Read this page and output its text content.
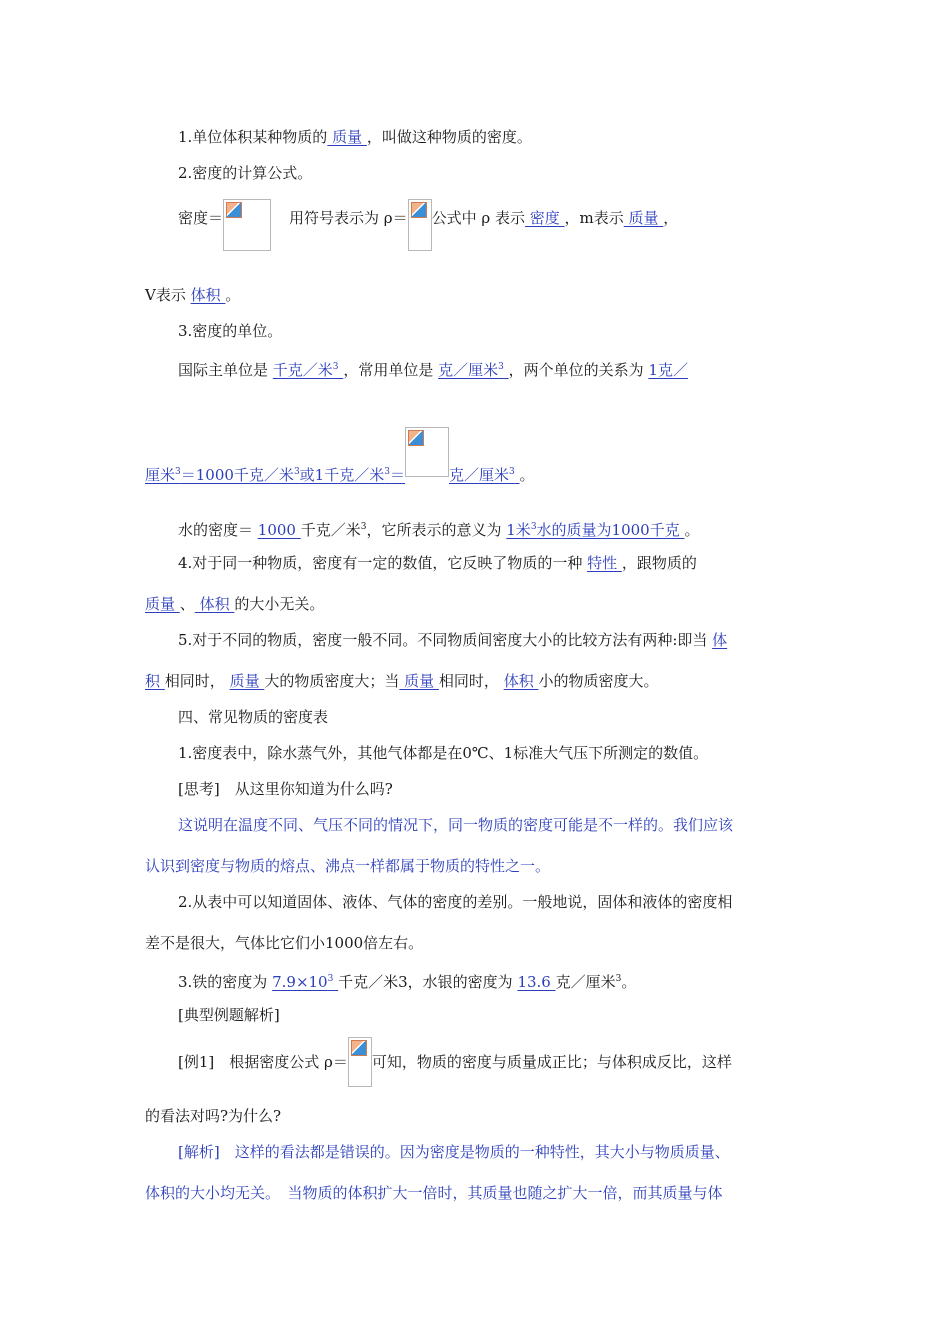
1.单位体积某种物质的 质量 ，叫做这种物质的密度。
2.密度的计算公式。
密度＝	用符号表示为 ρ＝ 公式中 ρ 表示 密度 ，m表示 质量 ，
V表示 体积 。
3.密度的单位。
国际主单位是 千克／米$^3$ ，常用单位是 克／厘米$^3$ ，两个单位的关系为 1克／
厘米$^3$＝1000千克／米$^3$或1千克／米$^3$＝	克／厘米$^3$ 。
水的密度＝ 1000 千克／米$^3$，它所表示的意义为 1米$^3$水的质量为1000千克 。
4.对于同一种物质，密度有一定的数值，它反映了物质的一种 特性 ，跟物质的
质量 、 体积 的大小无关。
5.对于不同的物质，密度一般不同。不同物质间密度大小的比较方法有两种:即当 体
积 相同时， 质量 大的物质密度大；当 质量 相同时， 体积 小的物质密度大。
四、常见物质的密度表
1.密度表中，除水蒸气外，其他气体都是在0℃、1标准大气压下所测定的数值。
[思考]　从这里你知道为什么吗?
这说明在温度不同、气压不同的情况下，同一物质的密度可能是不一样的。我们应该
认识到密度与物质的熔点、沸点一样都属于物质的特性之一。
2.从表中可以知道固体、液体、气体的密度的差别。一般地说，固体和液体的密度相
差不是很大，气体比它们小1000倍左右。
3.铁的密度为 $7.9\times 10^3$ 千克／米3，水银的密度为 13.6 克／厘米$^3$。
[典型例题解析]
[例1]　根据密度公式 ρ＝ 可知，物质的密度与质量成正比；与体积成反比，这样
的看法对吗?为什么?
[解析]　这样的看法都是错误的。因为密度是物质的一种特性，其大小与物质质量、
体积的大小均无关。　当物质的体积扩大一倍时，其质量也随之扩大一倍，而其质量与体
